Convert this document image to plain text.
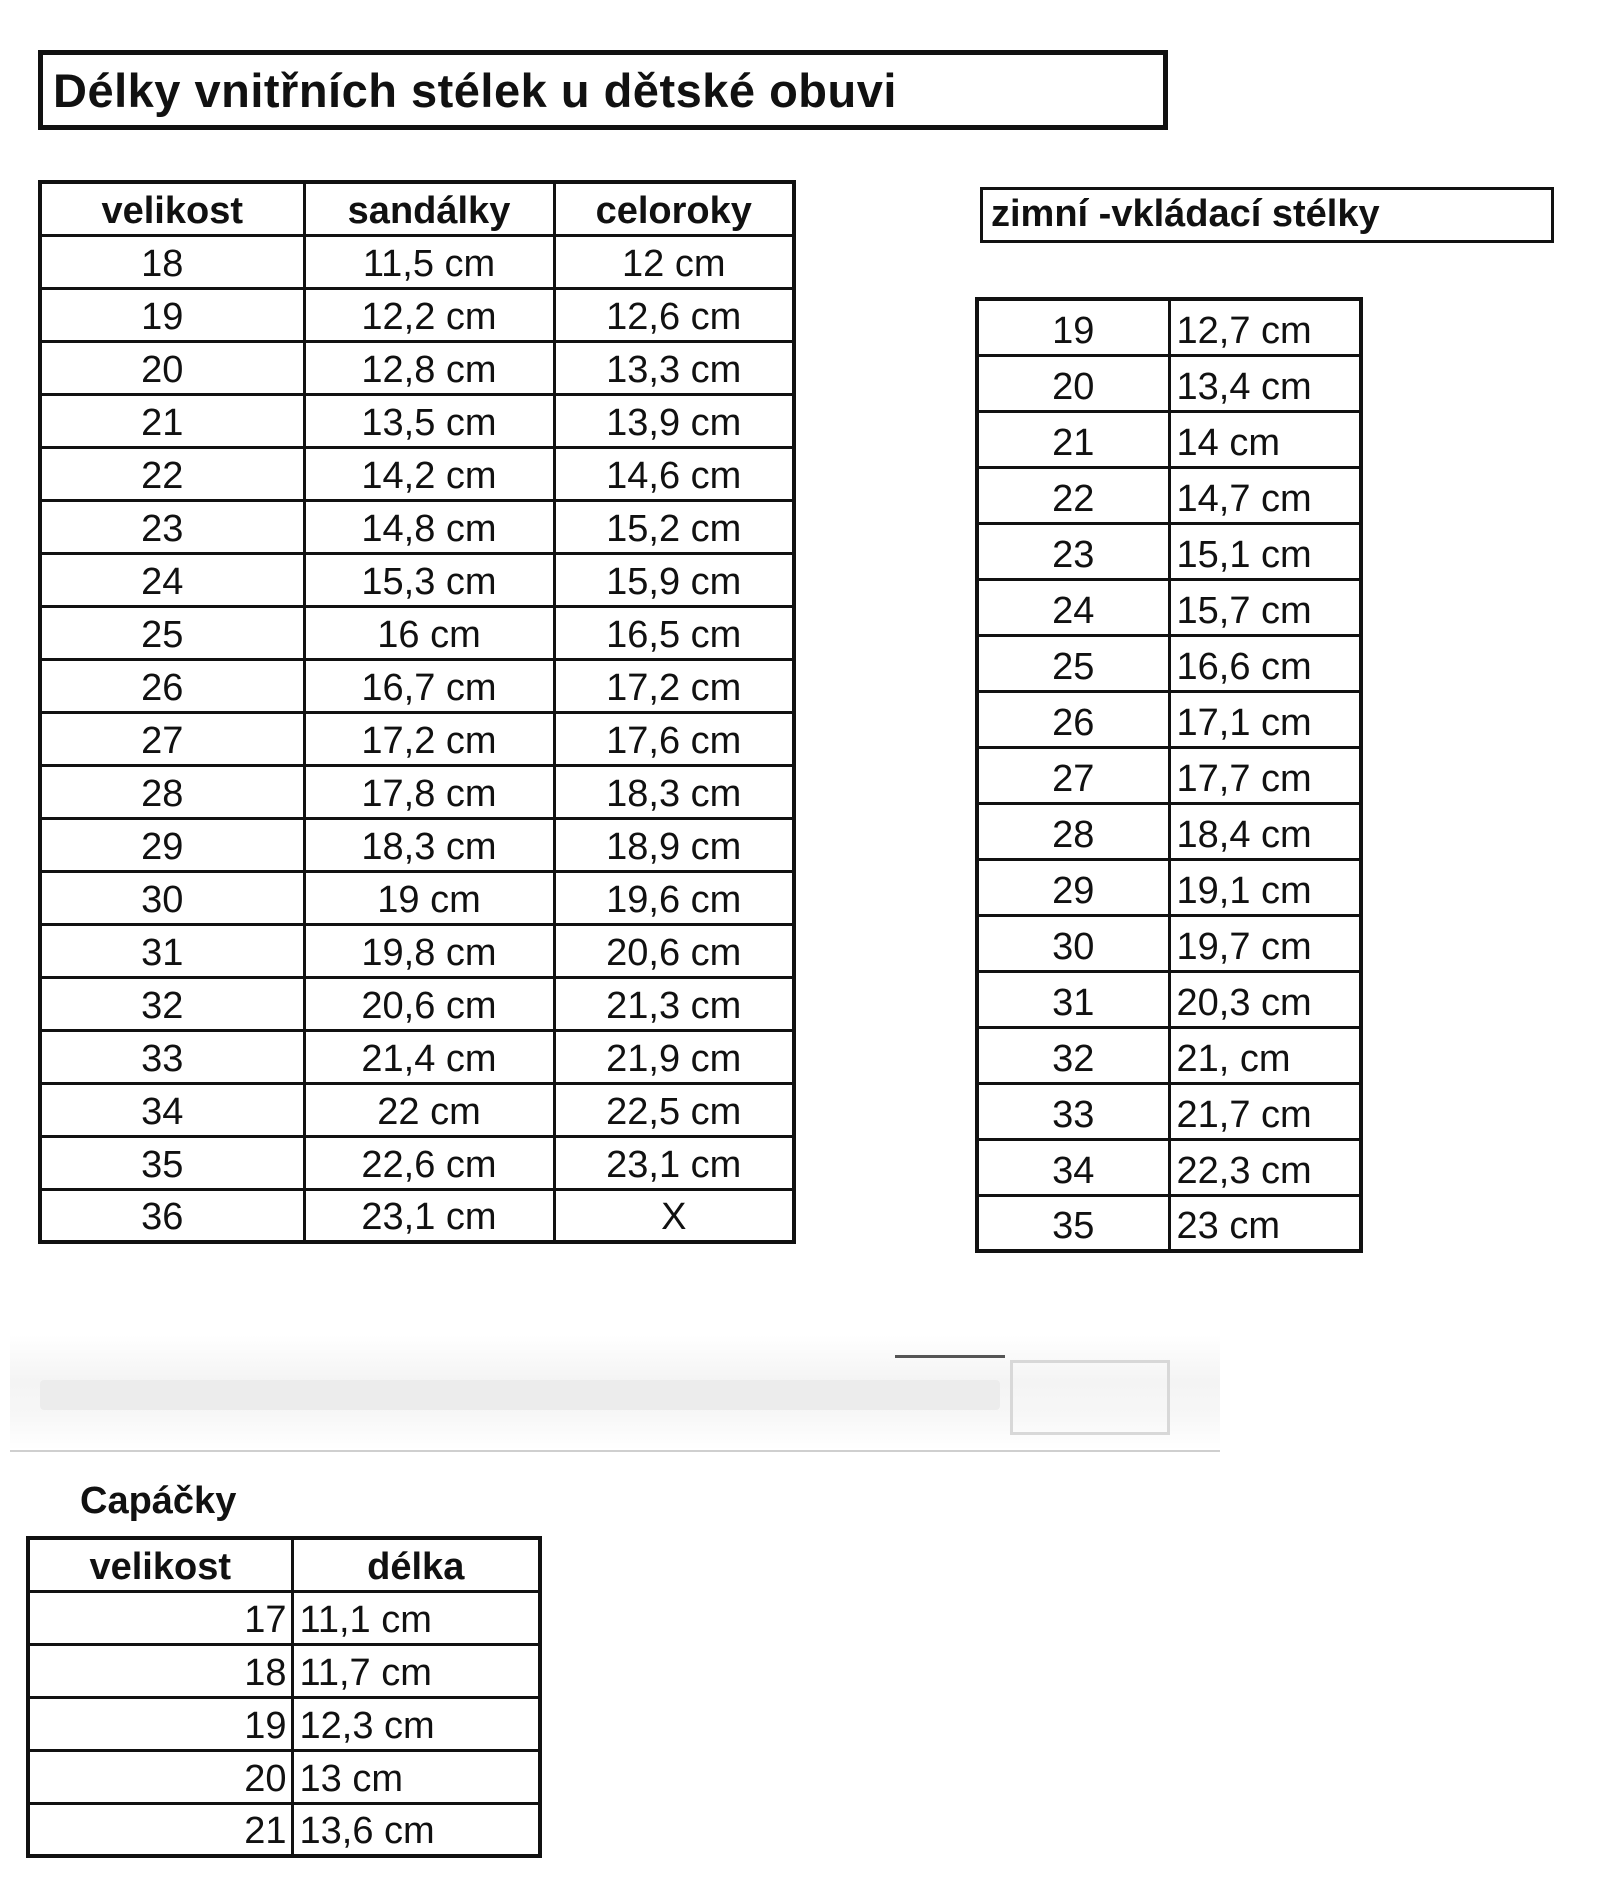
Délky vnitřních stélek u dětské obuvi
velikost	sandálky	celoroky
18	11,5 cm	12 cm
19	12,2 cm	12,6 cm
20	12,8 cm	13,3 cm
21	13,5 cm	13,9 cm
22	14,2 cm	14,6 cm
23	14,8 cm	15,2 cm
24	15,3 cm	15,9 cm
25	16 cm	16,5 cm
26	16,7 cm	17,2 cm
27	17,2 cm	17,6 cm
28	17,8 cm	18,3 cm
29	18,3 cm	18,9 cm
30	19 cm	19,6 cm
31	19,8 cm	20,6 cm
32	20,6 cm	21,3 cm
33	21,4 cm	21,9 cm
34	22 cm	22,5 cm
35	22,6 cm	23,1 cm
36	23,1 cm	X
zimní -vkládací stélky
19	12,7 cm
20	13,4 cm
21	14 cm
22	14,7 cm
23	15,1 cm
24	15,7 cm
25	16,6 cm
26	17,1 cm
27	17,7 cm
28	18,4 cm
29	19,1 cm
30	19,7 cm
31	20,3 cm
32	21, cm
33	21,7 cm
34	22,3 cm
35	23 cm
Capáčky
velikost	délka
17	11,1 cm
18	11,7 cm
19	12,3 cm
20	13 cm
21	13,6 cm
